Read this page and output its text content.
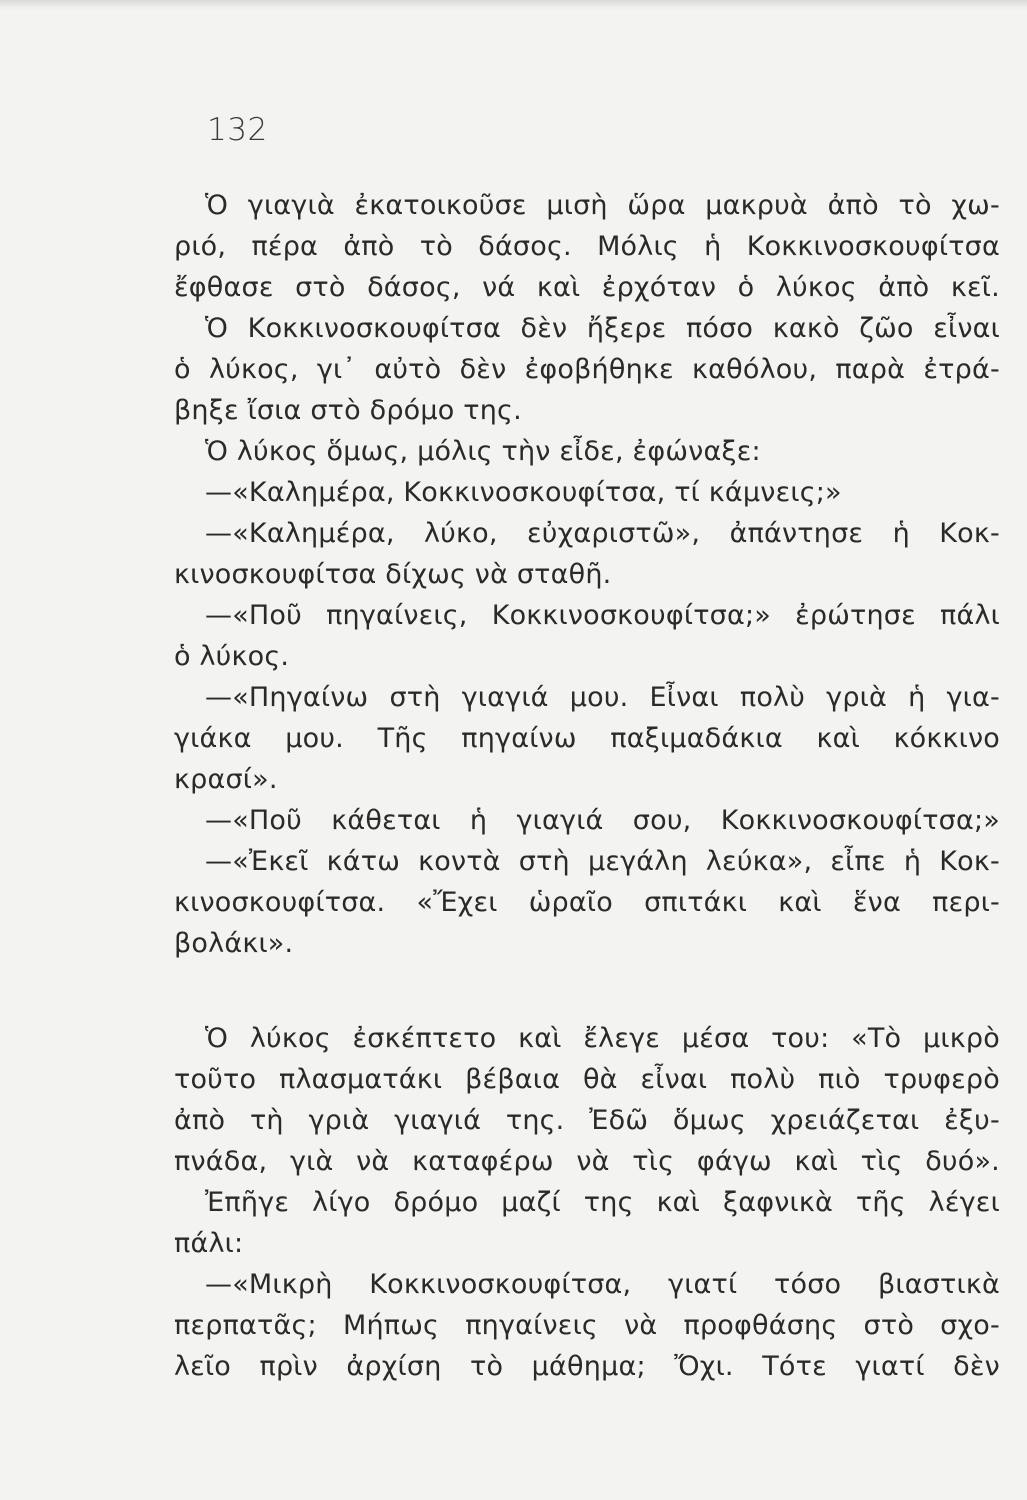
132
Ὁ γιαγιὰ ἐκατοικοῦσε μισὴ ὥρα μακρυὰ ἀπὸ τὸ χω-
ριό, πέρα ἀπὸ τὸ δάσος. Μόλις ἡ Κοκκινοσκουφίτσα
ἔφθασε στὸ δάσος, νά καὶ ἐρχόταν ὁ λύκος ἀπὸ κεῖ.
Ὁ Κοκκινοσκουφίτσα δὲν ἤξερε πόσο κακὸ ζῶο εἶναι
ὁ λύκος, γι᾽ αὐτὸ δὲν ἐφοβήθηκε καθόλου, παρὰ ἐτρά-
βηξε ἴσια στὸ δρόμο της.
Ὁ λύκος ὅμως, μόλις τὴν εἶδε, ἐφώναξε:
—«Καλημέρα, Κοκκινοσκουφίτσα, τί κάμνεις;»
—«Καλημέρα, λύκο, εὐχαριστῶ», ἀπάντησε ἡ Κοκ-
κινοσκουφίτσα δίχως νὰ σταθῆ.
—«Ποῦ πηγαίνεις, Κοκκινοσκουφίτσα;» ἐρώτησε πάλι
ὁ λύκος.
—«Πηγαίνω στὴ γιαγιά μου. Εἶναι πολὺ γριὰ ἡ για-
γιάκα μου. Τῆς πηγαίνω παξιμαδάκια καὶ κόκκινο
κρασί».
—«Ποῦ κάθεται ἡ γιαγιά σου, Κοκκινοσκουφίτσα;»
—«Ἐκεῖ κάτω κοντὰ στὴ μεγάλη λεύκα», εἶπε ἡ Κοκ-
κινοσκουφίτσα. «Ἔχει ὡραῖο σπιτάκι καὶ ἕνα περι-
βολάκι».
Ὁ λύκος ἐσκέπτετο καὶ ἔλεγε μέσα του: «Τὸ μικρὸ
τοῦτο πλασματάκι βέβαια θὰ εἶναι πολὺ πιὸ τρυφερὸ
ἀπὸ τὴ γριὰ γιαγιά της. Ἐδῶ ὅμως χρειάζεται ἐξυ-
πνάδα, γιὰ νὰ καταφέρω νὰ τὶς φάγω καὶ τὶς δυό».
Ἐπῆγε λίγο δρόμο μαζί της καὶ ξαφνικὰ τῆς λέγει
πάλι:
—«Μικρὴ Κοκκινοσκουφίτσα, γιατί τόσο βιαστικὰ
περπατᾶς; Μήπως πηγαίνεις νὰ προφθάσης στὸ σχο-
λεῖο πρὶν ἀρχίση τὸ μάθημα; Ὄχι. Τότε γιατί δὲν
